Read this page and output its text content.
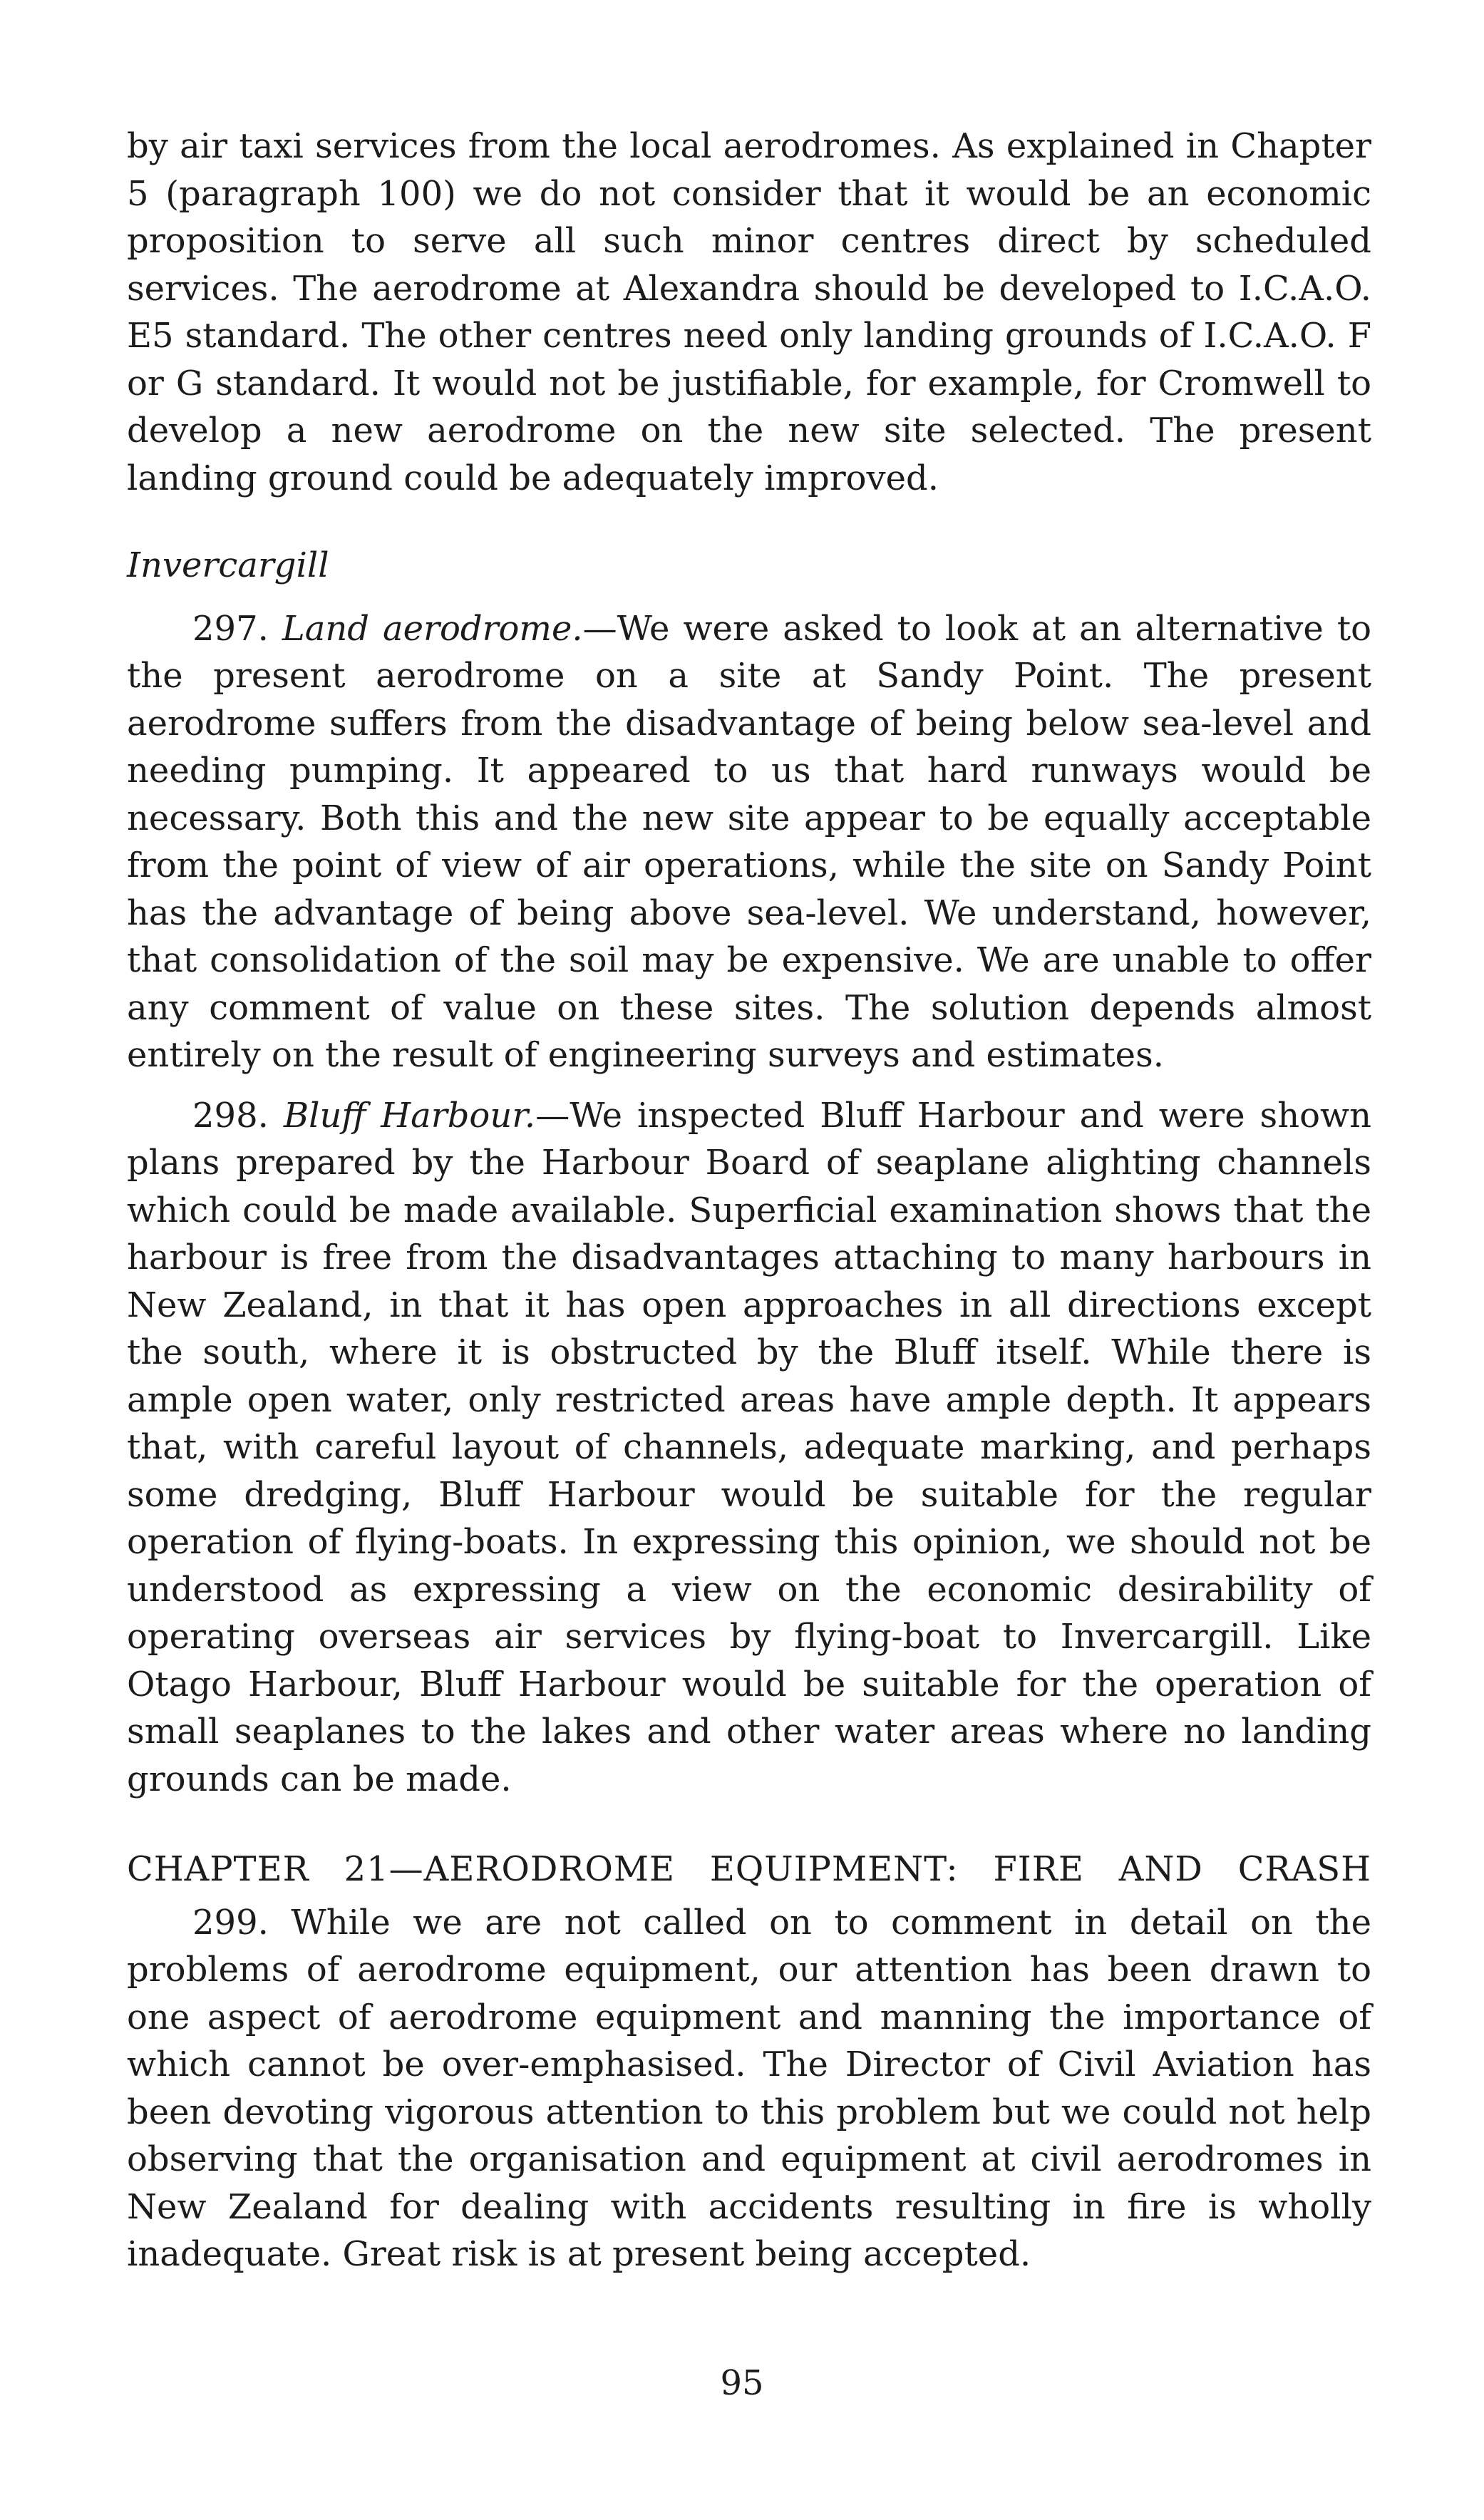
by air taxi services from the local aerodromes. As explained in Chapter 5 (paragraph 100) we do not consider that it would be an economic proposition to serve all such minor centres direct by scheduled services. The aerodrome at Alexandra should be developed to I.C.A.O. E5 standard. The other centres need only landing grounds of I.C.A.O. F or G standard. It would not be justifiable, for example, for Cromwell to develop a new aerodrome on the new site selected. The present landing ground could be adequately improved.

Invercargill

297. Land aerodrome.—We were asked to look at an alternative to the present aerodrome on a site at Sandy Point. The present aerodrome suffers from the disadvantage of being below sea-level and needing pumping. It appeared to us that hard runways would be necessary. Both this and the new site appear to be equally acceptable from the point of view of air operations, while the site on Sandy Point has the advantage of being above sea-level. We understand, however, that consolidation of the soil may be expensive. We are unable to offer any comment of value on these sites. The solution depends almost entirely on the result of engineering surveys and estimates.

298. Bluff Harbour.—We inspected Bluff Harbour and were shown plans prepared by the Harbour Board of seaplane alighting channels which could be made available. Superficial examination shows that the harbour is free from the disadvantages attaching to many harbours in New Zealand, in that it has open approaches in all directions except the south, where it is obstructed by the Bluff itself. While there is ample open water, only restricted areas have ample depth. It appears that, with careful layout of channels, adequate marking, and perhaps some dredging, Bluff Harbour would be suitable for the regular operation of flying-boats. In expressing this opinion, we should not be understood as expressing a view on the economic desirability of operating overseas air services by flying-boat to Invercargill. Like Otago Harbour, Bluff Harbour would be suitable for the operation of small seaplanes to the lakes and other water areas where no landing grounds can be made.

CHAPTER 21—AERODROME EQUIPMENT: FIRE AND CRASH

299. While we are not called on to comment in detail on the problems of aerodrome equipment, our attention has been drawn to one aspect of aerodrome equipment and manning the importance of which cannot be over-emphasised. The Director of Civil Aviation has been devoting vigorous attention to this problem but we could not help observing that the organisation and equipment at civil aerodromes in New Zealand for dealing with accidents resulting in fire is wholly inadequate. Great risk is at present being accepted.

95
